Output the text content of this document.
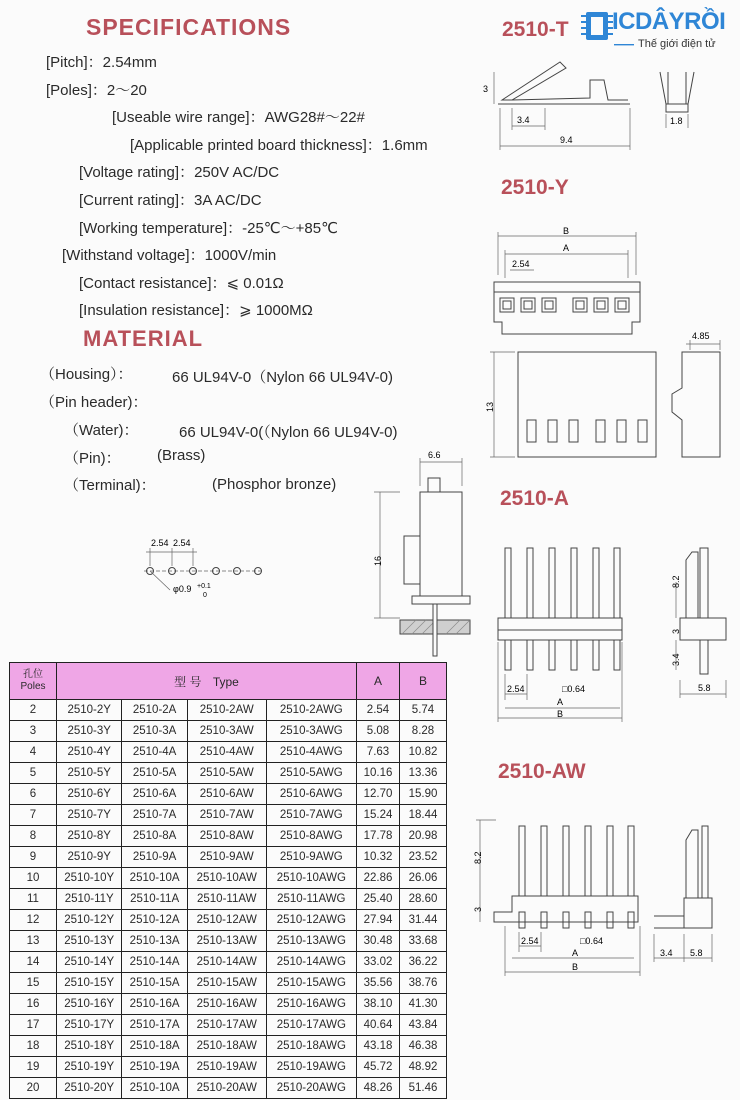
SPECIFICATIONS
[Pitch]：2.54mm
[Poles]：2～20
[Useable wire range]：AWG28#～22#
[Applicable printed board thickness]：1.6mm
[Voltage rating]：250V AC/DC
[Current rating]：3A AC/DC
[Working temperature]：-25℃～+85℃
[Withstand voltage]：1000V/min
[Contact resistance]：⩽ 0.01Ω
[Insulation resistance]：⩾ 1000MΩ
MATERIAL
（Housing）：	66 UL94V-0（Nylon 66 UL94V-0)
（Pin header)：
（Water)：	66 UL94V-0(（Nylon 66 UL94V-0)
（Pin)： (Brass)
（Terminal)：	(Phosphor bronze)
ICDÂYRỒI
Thế giới điện tử
2510-T
2510-Y
2510-A
2510-AW
3
3.4
9.4
1.8
B
A
2.54
13
4.85
6.6
16
2.54 2.54
φ0.9 +0.1
0
2.54	□0.64
A
B
8.2
3
3.4
5.8
8.2
3
2.54	□0.64
A
B
3.4 5.8
孔位
Poles	型 号 Type				A	B
2	2510-2Y	2510-2A	2510-2AW	2510-2AWG	2.54	5.74
3	2510-3Y	2510-3A	2510-3AW	2510-3AWG	5.08	8.28
4	2510-4Y	2510-4A	2510-4AW	2510-4AWG	7.63	10.82
5	2510-5Y	2510-5A	2510-5AW	2510-5AWG	10.16	13.36
6	2510-6Y	2510-6A	2510-6AW	2510-6AWG	12.70	15.90
7	2510-7Y	2510-7A	2510-7AW	2510-7AWG	15.24	18.44
8	2510-8Y	2510-8A	2510-8AW	2510-8AWG	17.78	20.98
9	2510-9Y	2510-9A	2510-9AW	2510-9AWG	10.32	23.52
10	2510-10Y	2510-10A	2510-10AW	2510-10AWG	22.86	26.06
11	2510-11Y	2510-11A	2510-11AW	2510-11AWG	25.40	28.60
12	2510-12Y	2510-12A	2510-12AW	2510-12AWG	27.94	31.44
13	2510-13Y	2510-13A	2510-13AW	2510-13AWG	30.48	33.68
14	2510-14Y	2510-14A	2510-14AW	2510-14AWG	33.02	36.22
15	2510-15Y	2510-15A	2510-15AW	2510-15AWG	35.56	38.76
16	2510-16Y	2510-16A	2510-16AW	2510-16AWG	38.10	41.30
17	2510-17Y	2510-17A	2510-17AW	2510-17AWG	40.64	43.84
18	2510-18Y	2510-18A	2510-18AW	2510-18AWG	43.18	46.38
19	2510-19Y	2510-19A	2510-19AW	2510-19AWG	45.72	48.92
20	2510-20Y	2510-10A	2510-20AW	2510-20AWG	48.26	51.46
